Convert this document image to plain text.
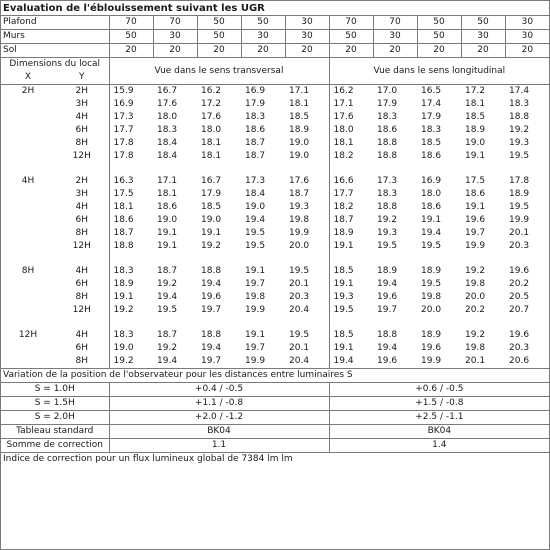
Evaluation de l'éblouissement suivant les UGR											
Plafond		70	70	50	50	30	70	70	50	50	30
Murs		50	30	50	30	30	50	30	50	30	30
Sol		20	20	20	20	20	20	20	20	20	20
Dimensions du local		Vue dans le sens transversal					Vue dans le sens longitudinal				
X	Y										
2H	2H	15.9	16.7	16.2	16.9	17.1	16.2	17.0	16.5	17.2	17.4
	3H	16.9	17.6	17.2	17.9	18.1	17.1	17.9	17.4	18.1	18.3
	4H	17.3	18.0	17.6	18.3	18.5	17.6	18.3	17.9	18.5	18.8
	6H	17.7	18.3	18.0	18.6	18.9	18.0	18.6	18.3	18.9	19.2
	8H	17.8	18.4	18.1	18.7	19.0	18.1	18.8	18.5	19.0	19.3
	12H	17.8	18.4	18.1	18.7	19.0	18.2	18.8	18.6	19.1	19.5

4H	2H	16.3	17.1	16.7	17.3	17.6	16.6	17.3	16.9	17.5	17.8
	3H	17.5	18.1	17.9	18.4	18.7	17.7	18.3	18.0	18.6	18.9
	4H	18.1	18.6	18.5	19.0	19.3	18.2	18.8	18.6	19.1	19.5
	6H	18.6	19.0	19.0	19.4	19.8	18.7	19.2	19.1	19.6	19.9
	8H	18.7	19.1	19.1	19.5	19.9	18.9	19.3	19.4	19.7	20.1
	12H	18.8	19.1	19.2	19.5	20.0	19.1	19.5	19.5	19.9	20.3

8H	4H	18.3	18.7	18.8	19.1	19.5	18.5	18.9	18.9	19.2	19.6
	6H	18.9	19.2	19.4	19.7	20.1	19.1	19.4	19.5	19.8	20.2
	8H	19.1	19.4	19.6	19.8	20.3	19.3	19.6	19.8	20.0	20.5
	12H	19.2	19.5	19.7	19.9	20.4	19.5	19.7	20.0	20.2	20.7

12H	4H	18.3	18.7	18.8	19.1	19.5	18.5	18.8	18.9	19.2	19.6
	6H	19.0	19.2	19.4	19.7	20.1	19.1	19.4	19.6	19.8	20.3
	8H	19.2	19.4	19.7	19.9	20.4	19.4	19.6	19.9	20.1	20.6
Variation de la position de l'observateur pour les distances entre luminaires S											
S = 1.0H		+0.4 / -0.5					+0.6 / -0.5				
S = 1.5H		+1.1 / -0.8					+1.5 / -0.8				
S = 2.0H		+2.0 / -1.2					+2.5 / -1.1				
Tableau standard		BK04					BK04				
Somme de correction		1.1					1.4				
Indice de correction pour un flux lumineux global de 7384 lm lm											
